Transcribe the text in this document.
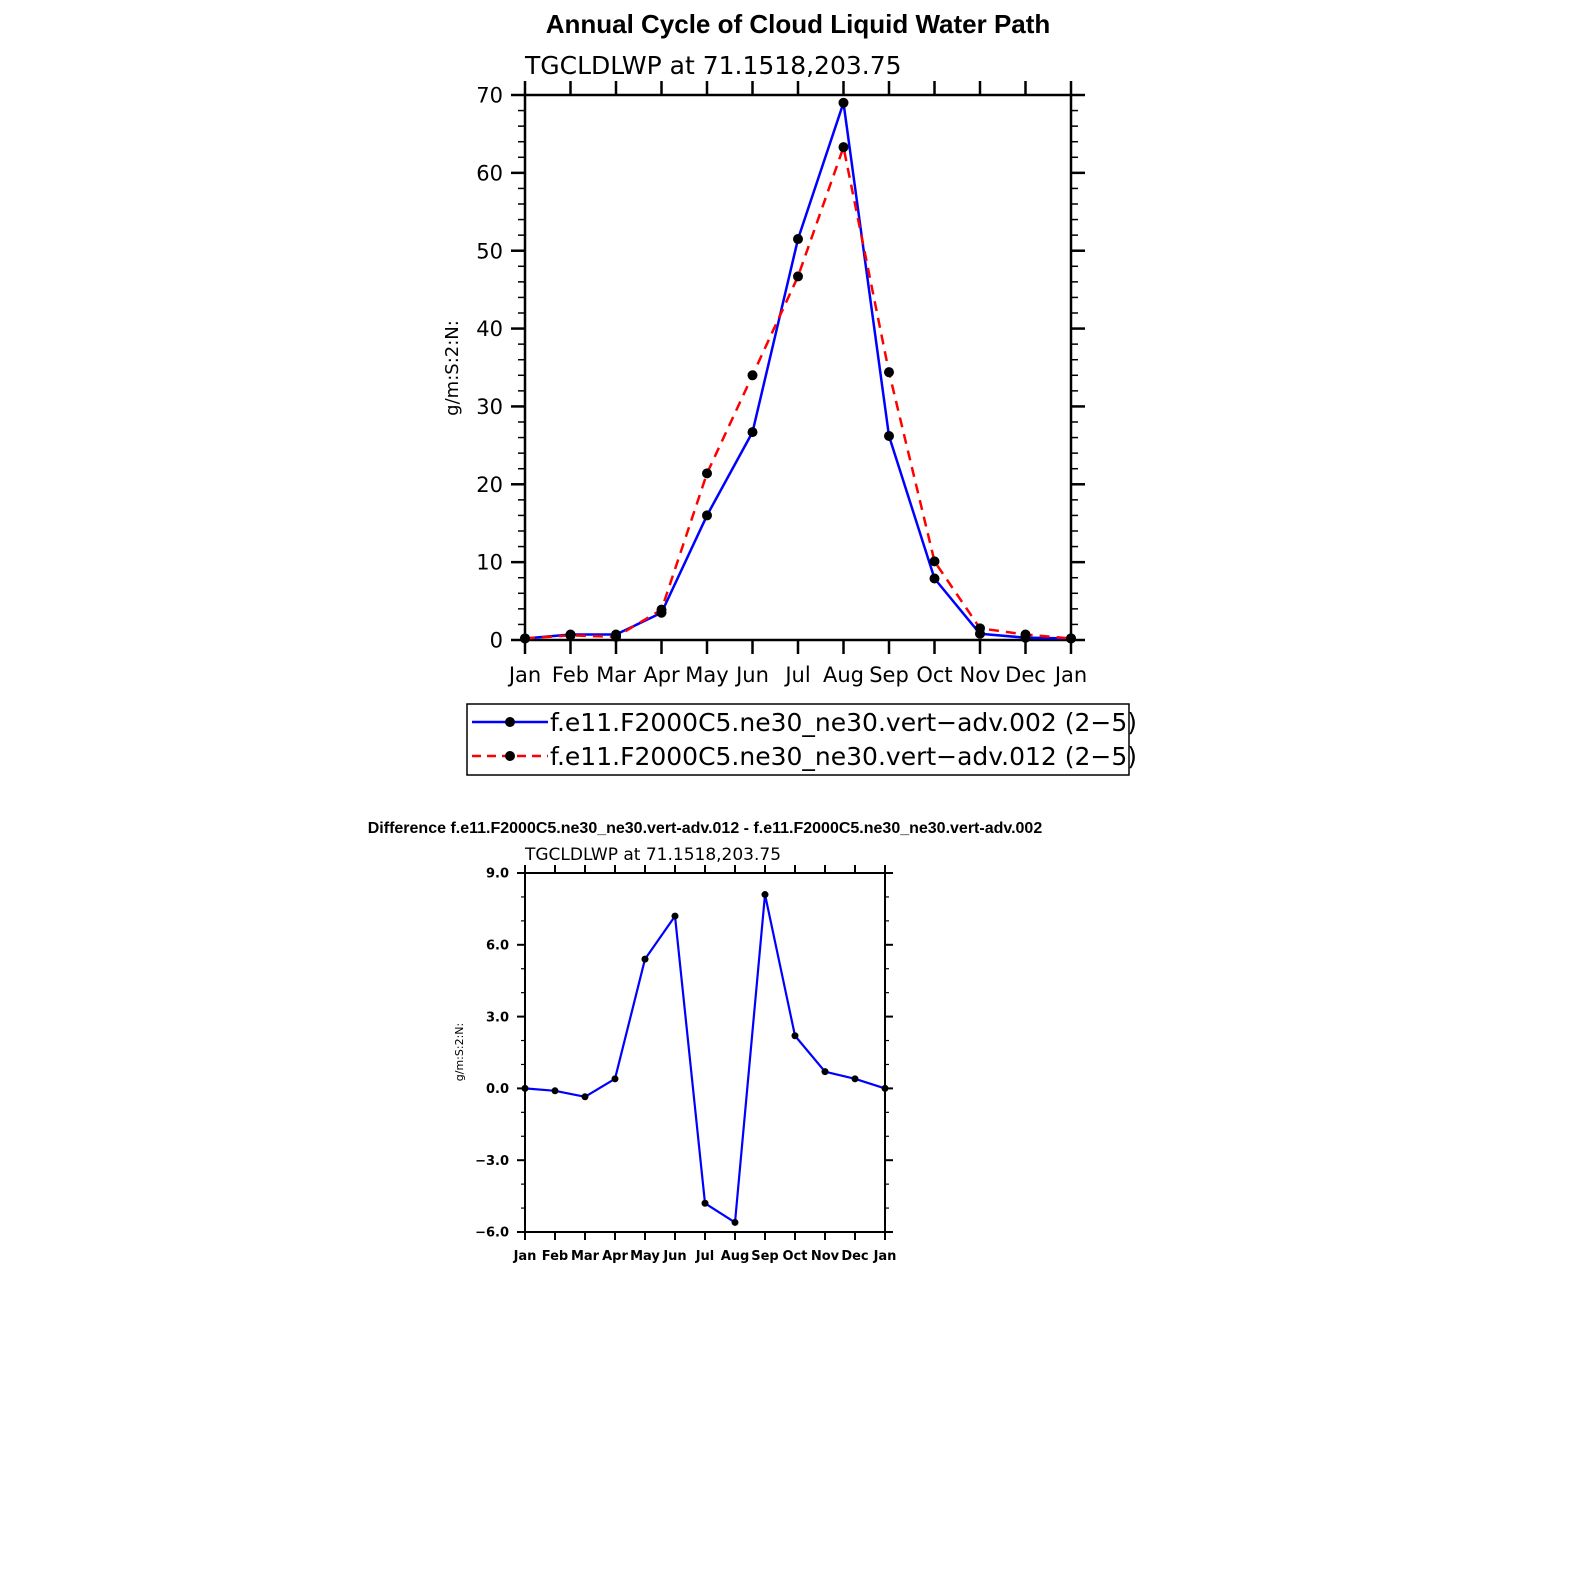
Annual Cycle of Cloud Liquid Water Path
TGCLDLWP at 71.1518,203.75
Jan Feb Mar Apr May Jun Jul Aug Sep Oct Nov Dec Jan
0
10
20
30
40
50
60
70
g/m:S:2:N:
f.e11.F2000C5.ne30_ne30.vert−adv.002 (2−5)
f.e11.F2000C5.ne30_ne30.vert−adv.012 (2−5)
Difference f.e11.F2000C5.ne30_ne30.vert-adv.012 - f.e11.F2000C5.ne30_ne30.vert-adv.002
TGCLDLWP at 71.1518,203.75
Jan Feb Mar Apr May Jun Jul Aug Sep Oct Nov Dec Jan
−6.0
−3.0
0.0
3.0
6.0
9.0
g/m:S:2:N:
